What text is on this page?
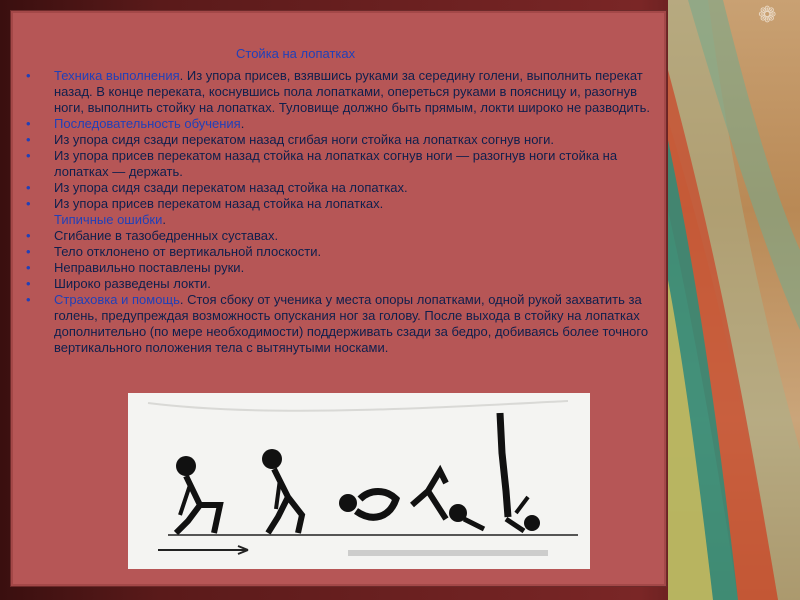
❁
Стойка на лопатках
• Техника выполнения. Из упора присев, взявшись руками за середину голени, выполнить перекат назад. В конце переката, коснувшись пола лопатками, опереться руками в поясницу и, разогнув ноги, выполнить стойку на лопатках. Туловище должно быть прямым, локти широко не разводить.
• Последовательность обучения.
• Из упора сидя сзади перекатом назад сгибая ноги стойка на лопатках согнув ноги.
• Из упора присев перекатом назад стойка на лопатках согнув ноги — разогнув ноги стойка на лопатках — держать.
• Из упора сидя сзади перекатом назад стойка на лопатках.
• Из упора присев перекатом назад стойка на лопатках.
Типичные ошибки.
• Сгибание в тазобедренных суставах.
• Тело отклонено от вертикальной плоскости.
• Неправильно поставлены руки.
• Широко разведены локти.
• Страховка и помощь. Стоя сбоку от ученика у места опоры лопатками, одной рукой захватить за голень, предупреждая возможность опускания ног за голову. После выхода в стойку на лопатках дополнительно (по мере необходимости) поддерживать сзади за бедро, добиваясь более точного вертикального положения тела с вытянутыми носками.
